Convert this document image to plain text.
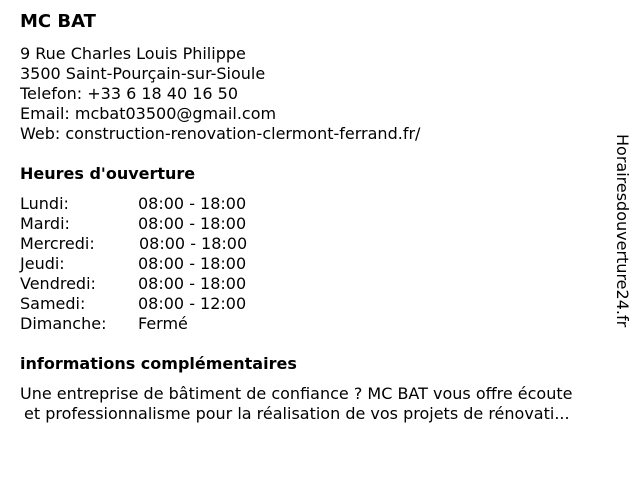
MC BAT
9 Rue Charles Louis Philippe
3500 Saint-Pourçain-sur-Sioule
Telefon: +33 6 18 40 16 50
Email: mcbat03500@gmail.com
Web: construction-renovation-clermont-ferrand.fr/
Heures d'ouverture
Lundi:	08:00 - 18:00
Mardi:	08:00 - 18:00
Mercredi:	08:00 - 18:00
Jeudi:	08:00 - 18:00
Vendredi:	08:00 - 18:00
Samedi:	08:00 - 12:00
Dimanche: Fermé
informations complémentaires
Une entreprise de bâtiment de confiance ? MC BAT vous offre écoute
et professionnalisme pour la réalisation de vos projets de rénovati...
Horairesdouverture24.fr
